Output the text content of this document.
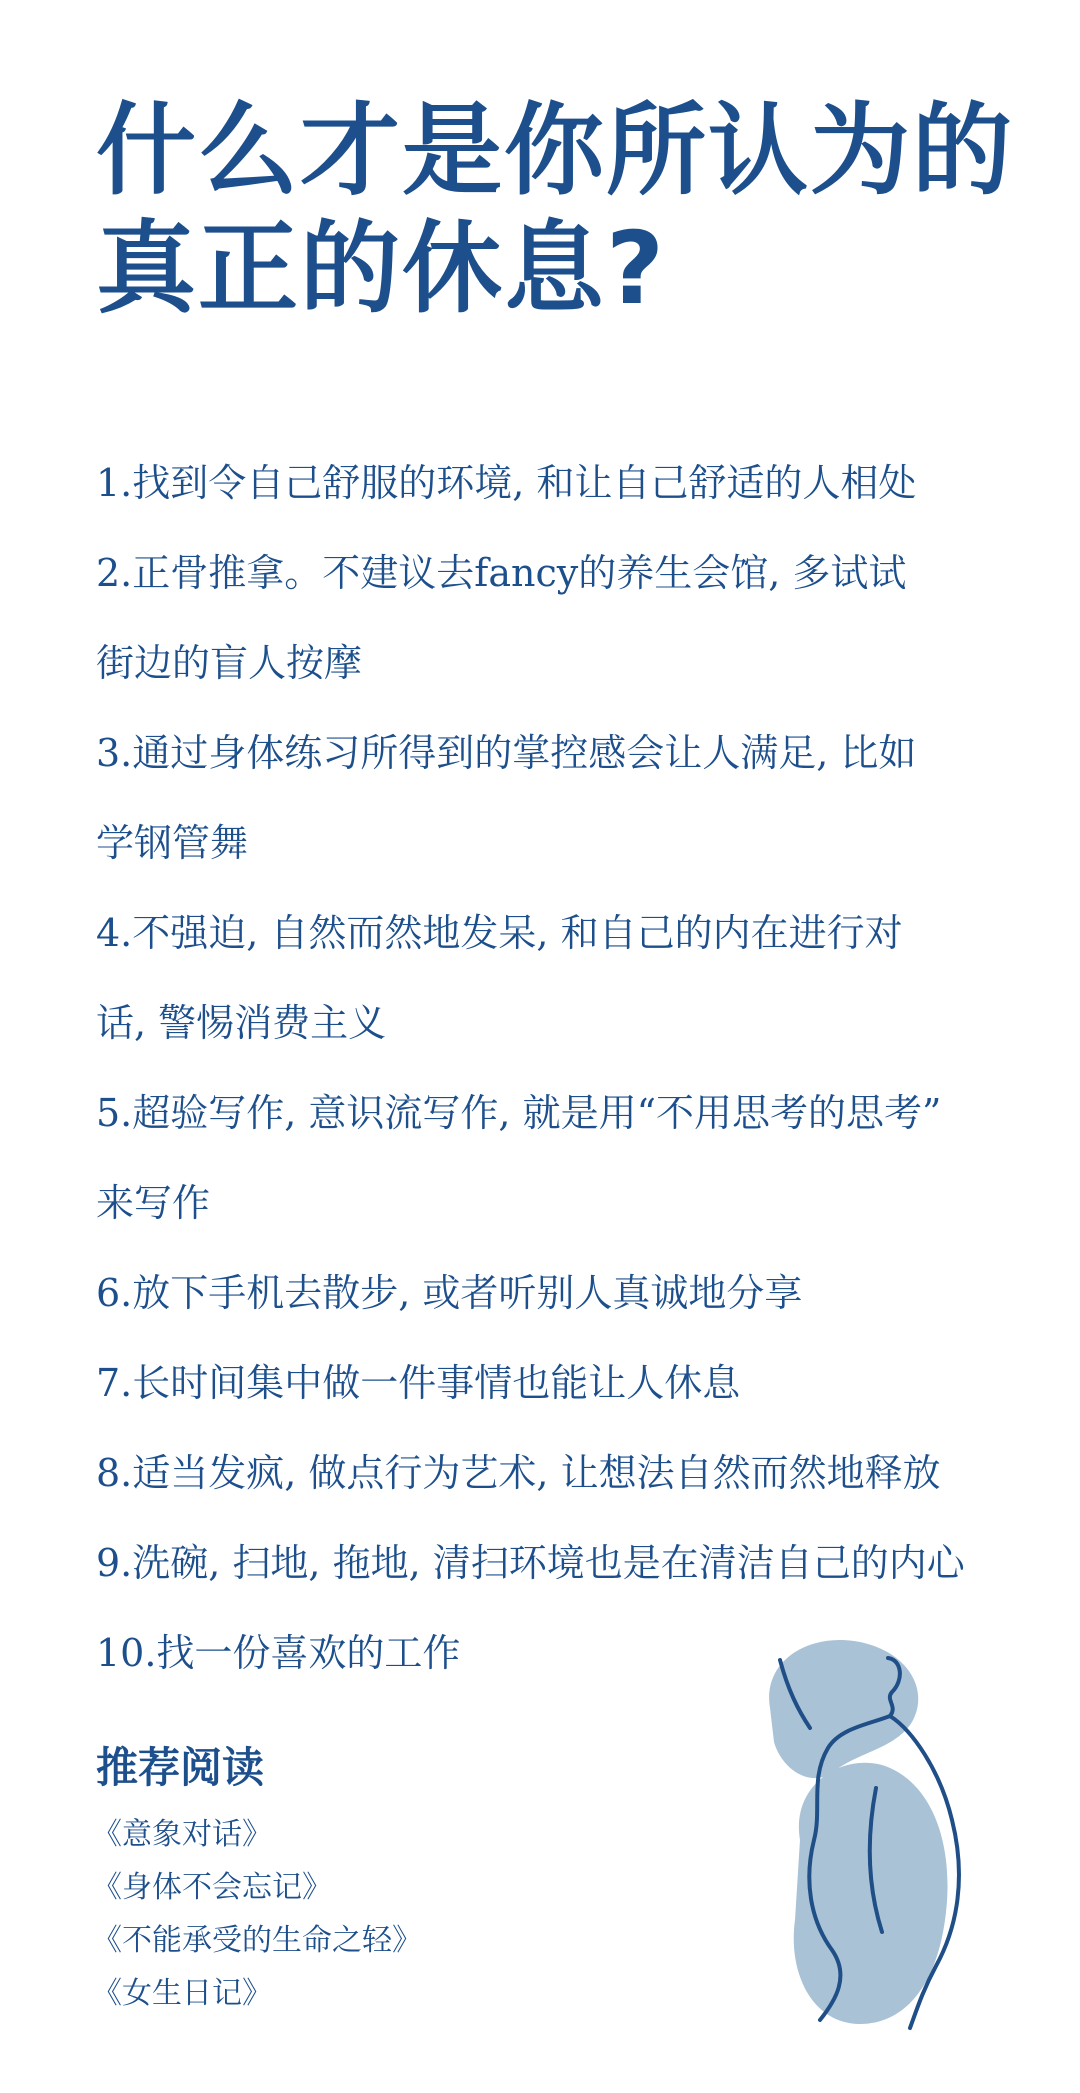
什么才是你所认为的
真正的休息?

1.找到令自己舒服的环境, 和让自己舒适的人相处

2.正骨推拿。不建议去fancy的养生会馆, 多试试
街边的盲人按摩

3.通过身体练习所得到的掌控感会让人满足, 比如
学钢管舞

4.不强迫, 自然而然地发呆, 和自己的内在进行对
话, 警惕消费主义

5.超验写作, 意识流写作, 就是用“不用思考的思考”
来写作

6.放下手机去散步, 或者听别人真诚地分享

7.长时间集中做一件事情也能让人休息

8.适当发疯, 做点行为艺术, 让想法自然而然地释放

9.洗碗, 扫地, 拖地, 清扫环境也是在清洁自己的内心

10.找一份喜欢的工作

推荐阅读
《意象对话》
《身体不会忘记》
《不能承受的生命之轻》
《女生日记》
